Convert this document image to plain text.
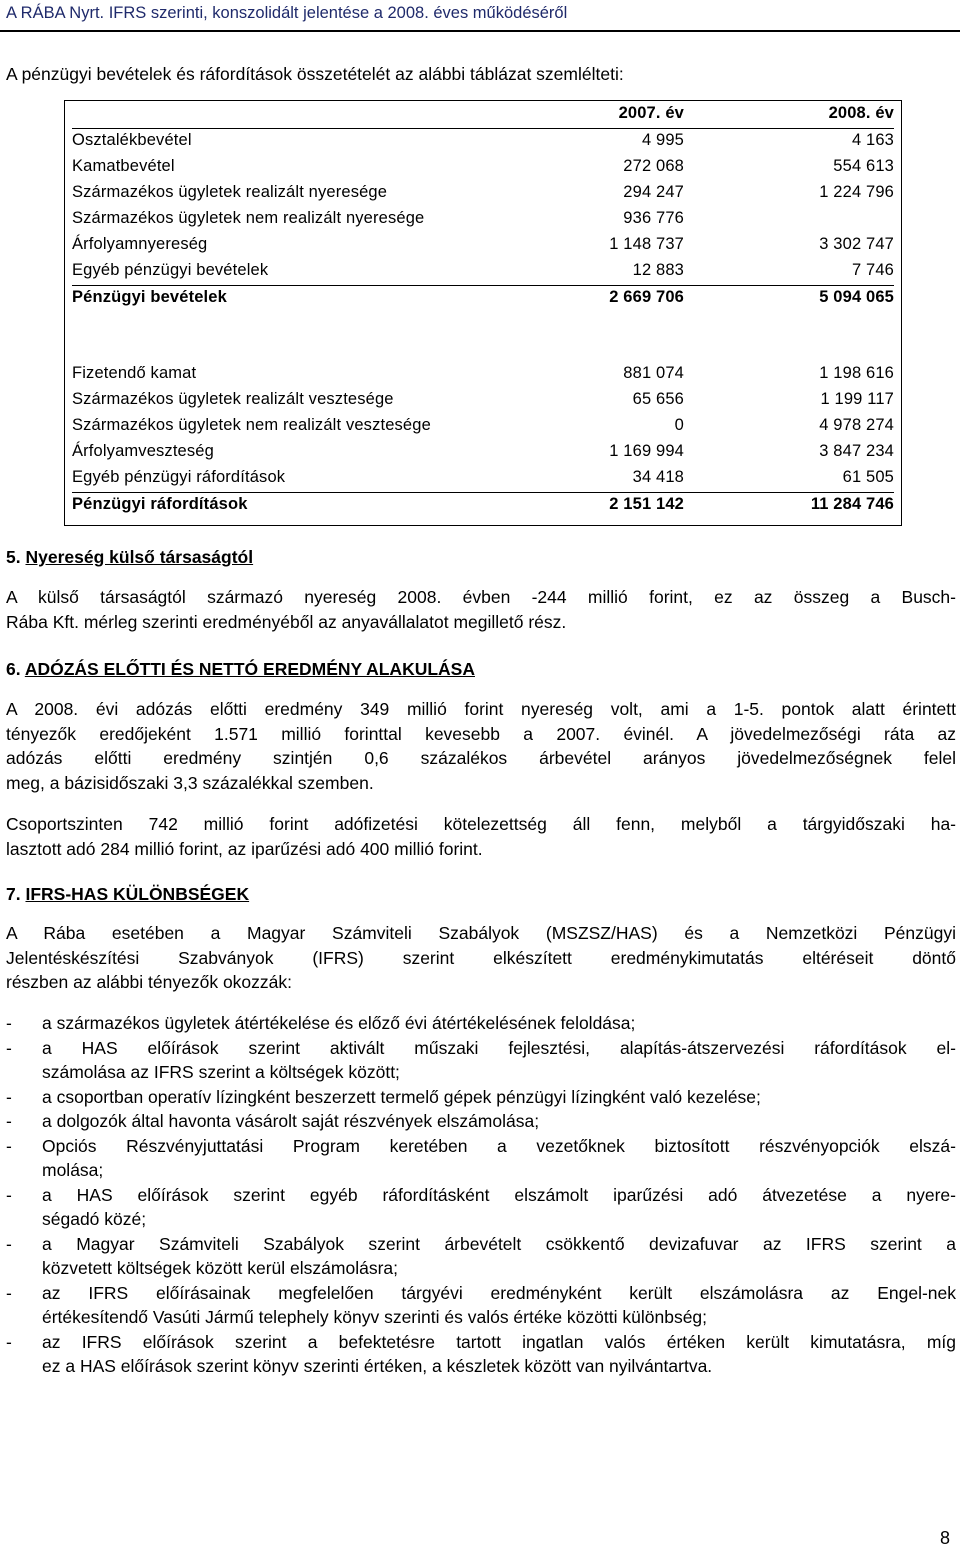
A RÁBA Nyrt. IFRS szerinti, konszolidált jelentése a 2008. éves működéséről
A pénzügyi bevételek és ráfordítások összetételét az alábbi táblázat szemlélteti:
2007. év	2008. év
Osztalékbevétel	4 995	4 163
Kamatbevétel	272 068	554 613
Származékos ügyletek realizált nyeresége	294 247	1 224 796
Származékos ügyletek nem realizált nyeresége	936 776
Árfolyamnyereség	1 148 737	3 302 747
Egyéb pénzügyi bevételek	12 883	7 746
Pénzügyi bevételek	2 669 706	5 094 065
Fizetendő kamat	881 074	1 198 616
Származékos ügyletek realizált vesztesége	65 656	1 199 117
Származékos ügyletek nem realizált vesztesége	0	4 978 274
Árfolyamveszteség	1 169 994	3 847 234
Egyéb pénzügyi ráfordítások	34 418	61 505
Pénzügyi ráfordítások	2 151 142	11 284 746
5. Nyereség külső társaságtól
A külső társaságtól származó nyereség 2008. évben -244 millió forint, ez az összeg a Busch-
Rába Kft. mérleg szerinti eredményéből az anyavállalatot megillető rész.
6. ADÓZÁS ELŐTTI ÉS NETTÓ EREDMÉNY ALAKULÁSA
A 2008. évi adózás előtti eredmény 349 millió forint nyereség volt, ami a 1-5. pontok alatt érintett
tényezők eredőjeként 1.571 millió forinttal kevesebb a 2007. évinél. A jövedelmezőségi ráta az
adózás előtti eredmény szintjén 0,6 százalékos árbevétel arányos jövedelmezőségnek felel
meg, a bázisidőszaki 3,3 százalékkal szemben.
Csoportszinten 742 millió forint adófizetési kötelezettség áll fenn, melyből a tárgyidőszaki ha-
lasztott adó 284 millió forint, az iparűzési adó 400 millió forint.
7. IFRS-HAS KÜLÖNBSÉGEK
A Rába esetében a Magyar Számviteli Szabályok (MSZSZ/HAS) és a Nemzetközi Pénzügyi
Jelentéskészítési Szabványok (IFRS) szerint elkészített eredménykimutatás eltéréseit döntő
részben az alábbi tényezők okozzák:
- a származékos ügyletek átértékelése és előző évi átértékelésének feloldása;
- a HAS előírások szerint aktivált műszaki fejlesztési, alapítás-átszervezési ráfordítások el-
számolása az IFRS szerint a költségek között;
- a csoportban operatív lízingként beszerzett termelő gépek pénzügyi lízingként való kezelése;
- a dolgozók által havonta vásárolt saját részvények elszámolása;
- Opciós Részvényjuttatási Program keretében a vezetőknek biztosított részvényopciók elszá-
molása;
- a HAS előírások szerint egyéb ráfordításként elszámolt iparűzési adó átvezetése a nyere-
ségadó közé;
- a Magyar Számviteli Szabályok szerint árbevételt csökkentő devizafuvar az IFRS szerint a
közvetett költségek között kerül elszámolásra;
- az IFRS előírásainak megfelelően tárgyévi eredményként került elszámolásra az Engel-nek
értékesítendő Vasúti Jármű telephely könyv szerinti és valós értéke közötti különbség;
- az IFRS előírások szerint a befektetésre tartott ingatlan valós értéken került kimutatásra, míg
ez a HAS előírások szerint könyv szerinti értéken, a készletek között van nyilvántartva.
8
